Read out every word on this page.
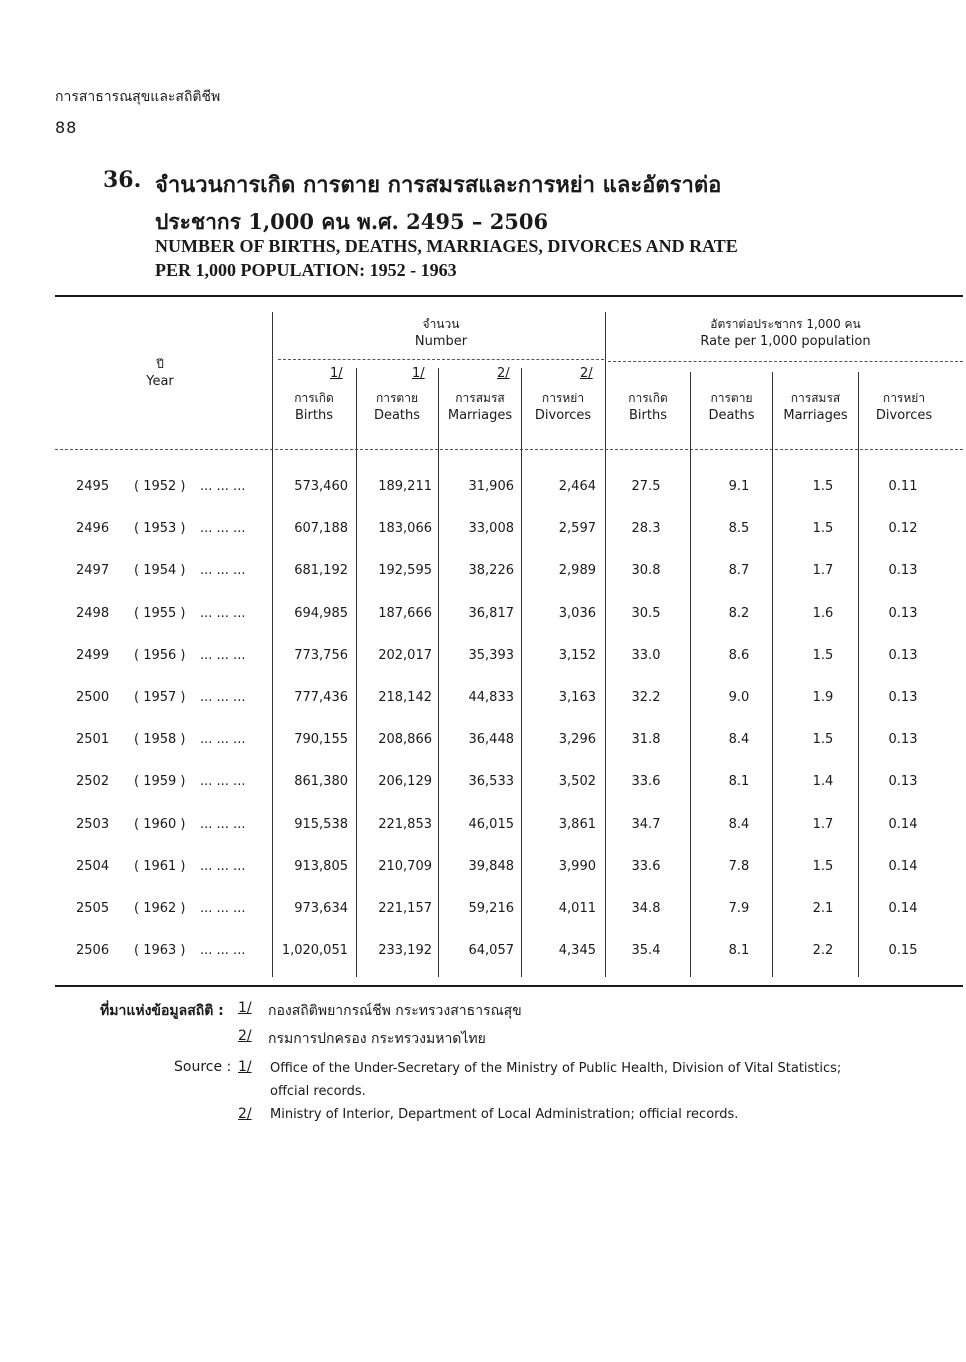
การสาธารณสุขและสถิติชีพ
88
36. จำนวนการเกิด การตาย การสมรสและการหย่า และอัตราต่อ
ประชากร 1,000 คน พ.ศ. 2495 – 2506
NUMBER OF BIRTHS, DEATHS, MARRIAGES, DIVORCES AND RATE
PER 1,000 POPULATION: 1952 - 1963
ปี
Year
จำนวน
Number
อัตราต่อประชากร 1,000 คน
Rate per 1,000 population
1/	1/	2/	2/
การเกิด
Births
การตาย
Deaths
การสมรส
Marriages
การหย่า
Divorces
การเกิด
Births
การตาย
Deaths
การสมรส
Marriages
การหย่า
Divorces
2495	( 1952 )	... ... ...	573,460	189,211	31,906	2,464	27.5	9.1	1.5	0.11
2496	( 1953 )	... ... ...	607,188	183,066	33,008	2,597	28.3	8.5	1.5	0.12
2497	( 1954 )	... ... ...	681,192	192,595	38,226	2,989	30.8	8.7	1.7	0.13
2498	( 1955 )	... ... ...	694,985	187,666	36,817	3,036	30.5	8.2	1.6	0.13
2499	( 1956 )	... ... ...	773,756	202,017	35,393	3,152	33.0	8.6	1.5	0.13
2500	( 1957 )	... ... ...	777,436	218,142	44,833	3,163	32.2	9.0	1.9	0.13
2501	( 1958 )	... ... ...	790,155	208,866	36,448	3,296	31.8	8.4	1.5	0.13
2502	( 1959 )	... ... ...	861,380	206,129	36,533	3,502	33.6	8.1	1.4	0.13
2503	( 1960 )	... ... ...	915,538	221,853	46,015	3,861	34.7	8.4	1.7	0.14
2504	( 1961 )	... ... ...	913,805	210,709	39,848	3,990	33.6	7.8	1.5	0.14
2505	( 1962 )	... ... ...	973,634	221,157	59,216	4,011	34.8	7.9	2.1	0.14
2506	( 1963 )	... ... ...	1,020,051	233,192	64,057	4,345	35.4	8.1	2.2	0.15
ที่มาแห่งข้อมูลสถิติ : 1/ กองสถิติพยากรณ์ชีพ กระทรวงสาธารณสุข
2/ กรมการปกครอง กระทรวงมหาดไทย
Source : 1/ Office of the Under-Secretary of the Ministry of Public Health, Division of Vital Statistics;
offcial records.
2/ Ministry of Interior, Department of Local Administration; official records.
